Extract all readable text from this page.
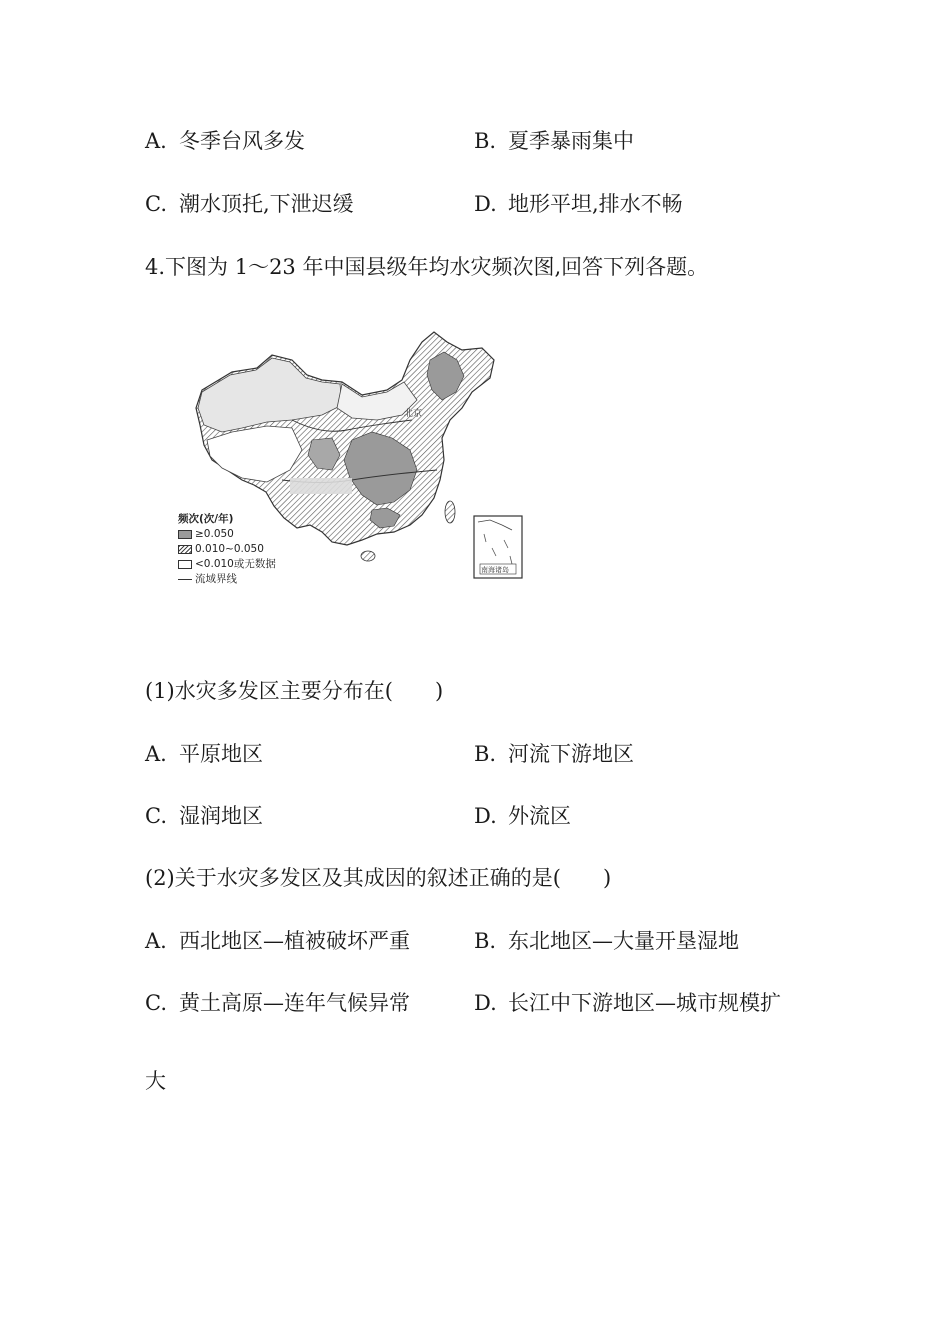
A. 冬季台风多发	B. 夏季暴雨集中
C. 潮水顶托,下泄迟缓	D. 地形平坦,排水不畅
4.下图为 1～23 年中国县级年均水灾频次图,回答下列各题。
北京
南海诸岛
频次(次/年)
≥0.050
0.010~0.050
<0.010或无数据
流域界线
(1)水灾多发区主要分布在(　　)
A. 平原地区	B. 河流下游地区
C. 湿润地区	D. 外流区
(2)关于水灾多发区及其成因的叙述正确的是(　　)
A. 西北地区—植被破坏严重	B. 东北地区—大量开垦湿地
C. 黄土高原—连年气候异常	D. 长江中下游地区—城市规模扩
大
